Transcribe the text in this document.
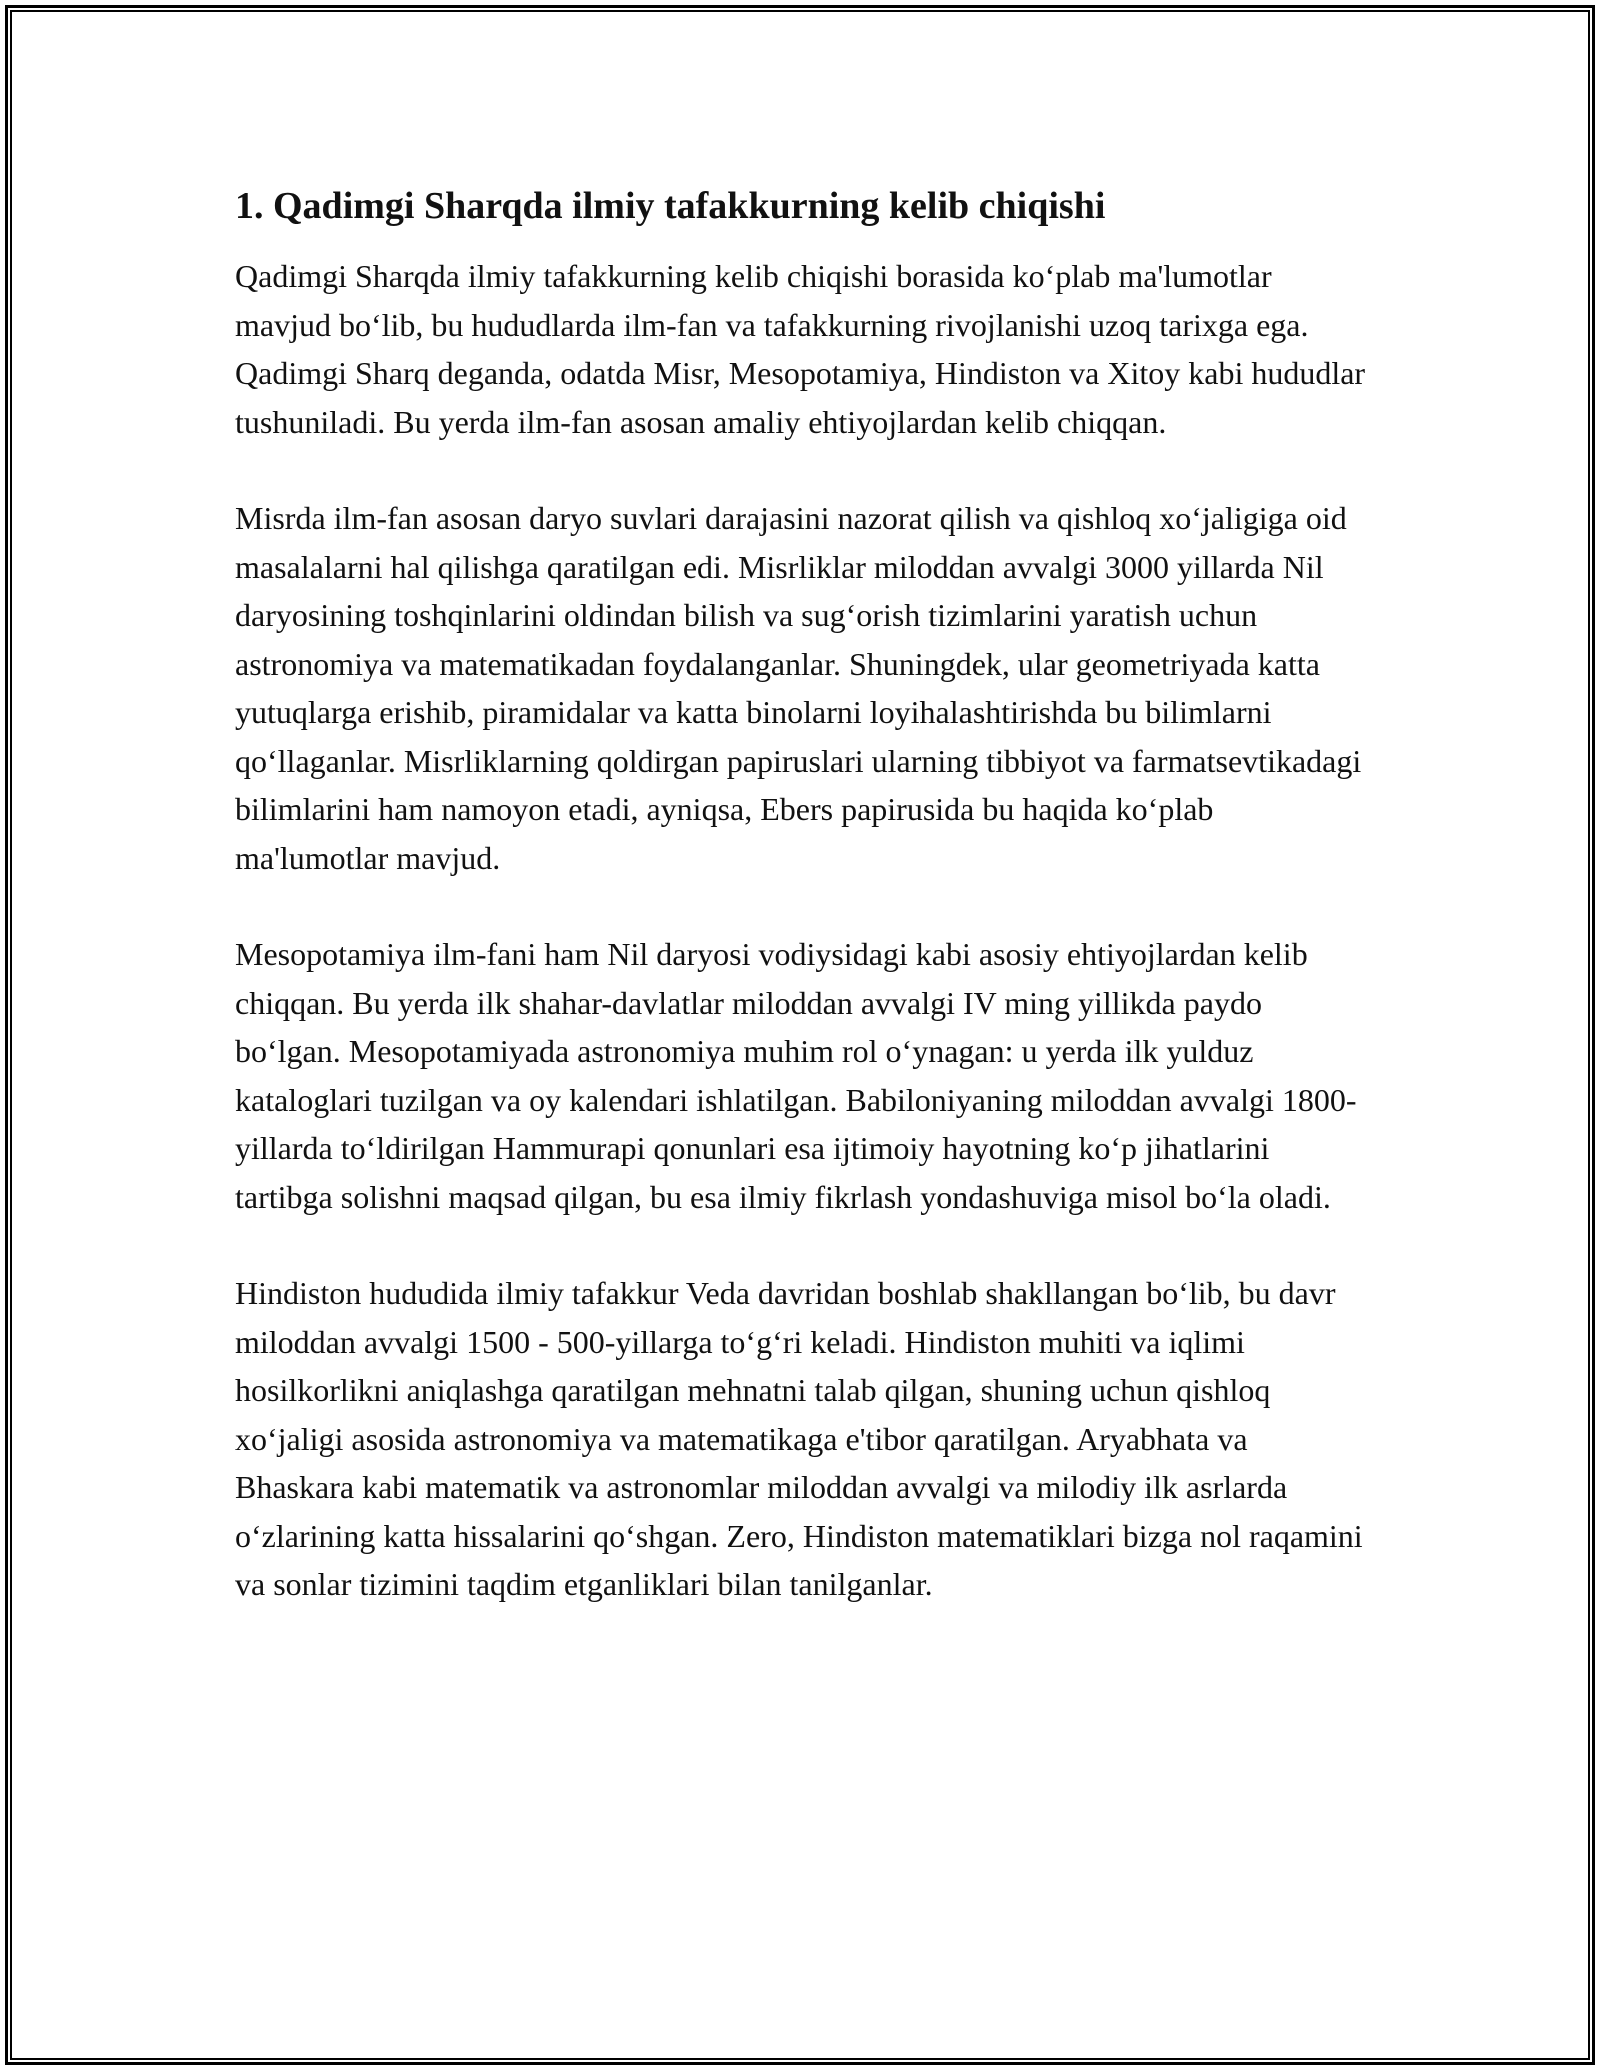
1. Qadimgi Sharqda ilmiy tafakkurning kelib chiqishi

Qadimgi Sharqda ilmiy tafakkurning kelib chiqishi borasida ko‘plab ma'lumotlar mavjud bo‘lib, bu hududlarda ilm-fan va tafakkurning rivojlanishi uzoq tarixga ega. Qadimgi Sharq deganda, odatda Misr, Mesopotamiya, Hindiston va Xitoy kabi hududlar tushuniladi. Bu yerda ilm-fan asosan amaliy ehtiyojlardan kelib chiqqan.

Misrda ilm-fan asosan daryo suvlari darajasini nazorat qilish va qishloq xo‘jaligiga oid masalalarni hal qilishga qaratilgan edi. Misrliklar miloddan avvalgi 3000 yillarda Nil daryosining toshqinlarini oldindan bilish va sug‘orish tizimlarini yaratish uchun astronomiya va matematikadan foydalanganlar. Shuningdek, ular geometriyada katta yutuqlarga erishib, piramidalar va katta binolarni loyihalashtirishda bu bilimlarni qo‘llaganlar. Misrliklarning qoldirgan papiruslari ularning tibbiyot va farmatsevtikadagi bilimlarini ham namoyon etadi, ayniqsa, Ebers papirusida bu haqida ko‘plab ma'lumotlar mavjud.

Mesopotamiya ilm-fani ham Nil daryosi vodiysidagi kabi asosiy ehtiyojlardan kelib chiqqan. Bu yerda ilk shahar-davlatlar miloddan avvalgi IV ming yillikda paydo bo‘lgan. Mesopotamiyada astronomiya muhim rol o‘ynagan: u yerda ilk yulduz kataloglari tuzilgan va oy kalendari ishlatilgan. Babiloniyaning miloddan avvalgi 1800-yillarda to‘ldirilgan Hammurapi qonunlari esa ijtimoiy hayotning ko‘p jihatlarini tartibga solishni maqsad qilgan, bu esa ilmiy fikrlash yondashuviga misol bo‘la oladi.

Hindiston hududida ilmiy tafakkur Veda davridan boshlab shakllangan bo‘lib, bu davr miloddan avvalgi 1500 - 500-yillarga to‘g‘ri keladi. Hindiston muhiti va iqlimi hosilkorlikni aniqlashga qaratilgan mehnatni talab qilgan, shuning uchun qishloq xo‘jaligi asosida astronomiya va matematikaga e'tibor qaratilgan. Aryabhata va Bhaskara kabi matematik va astronomlar miloddan avvalgi va milodiy ilk asrlarda o‘zlarining katta hissalarini qo‘shgan. Zero, Hindiston matematiklari bizga nol raqamini va sonlar tizimini taqdim etganliklari bilan tanilganlar.
